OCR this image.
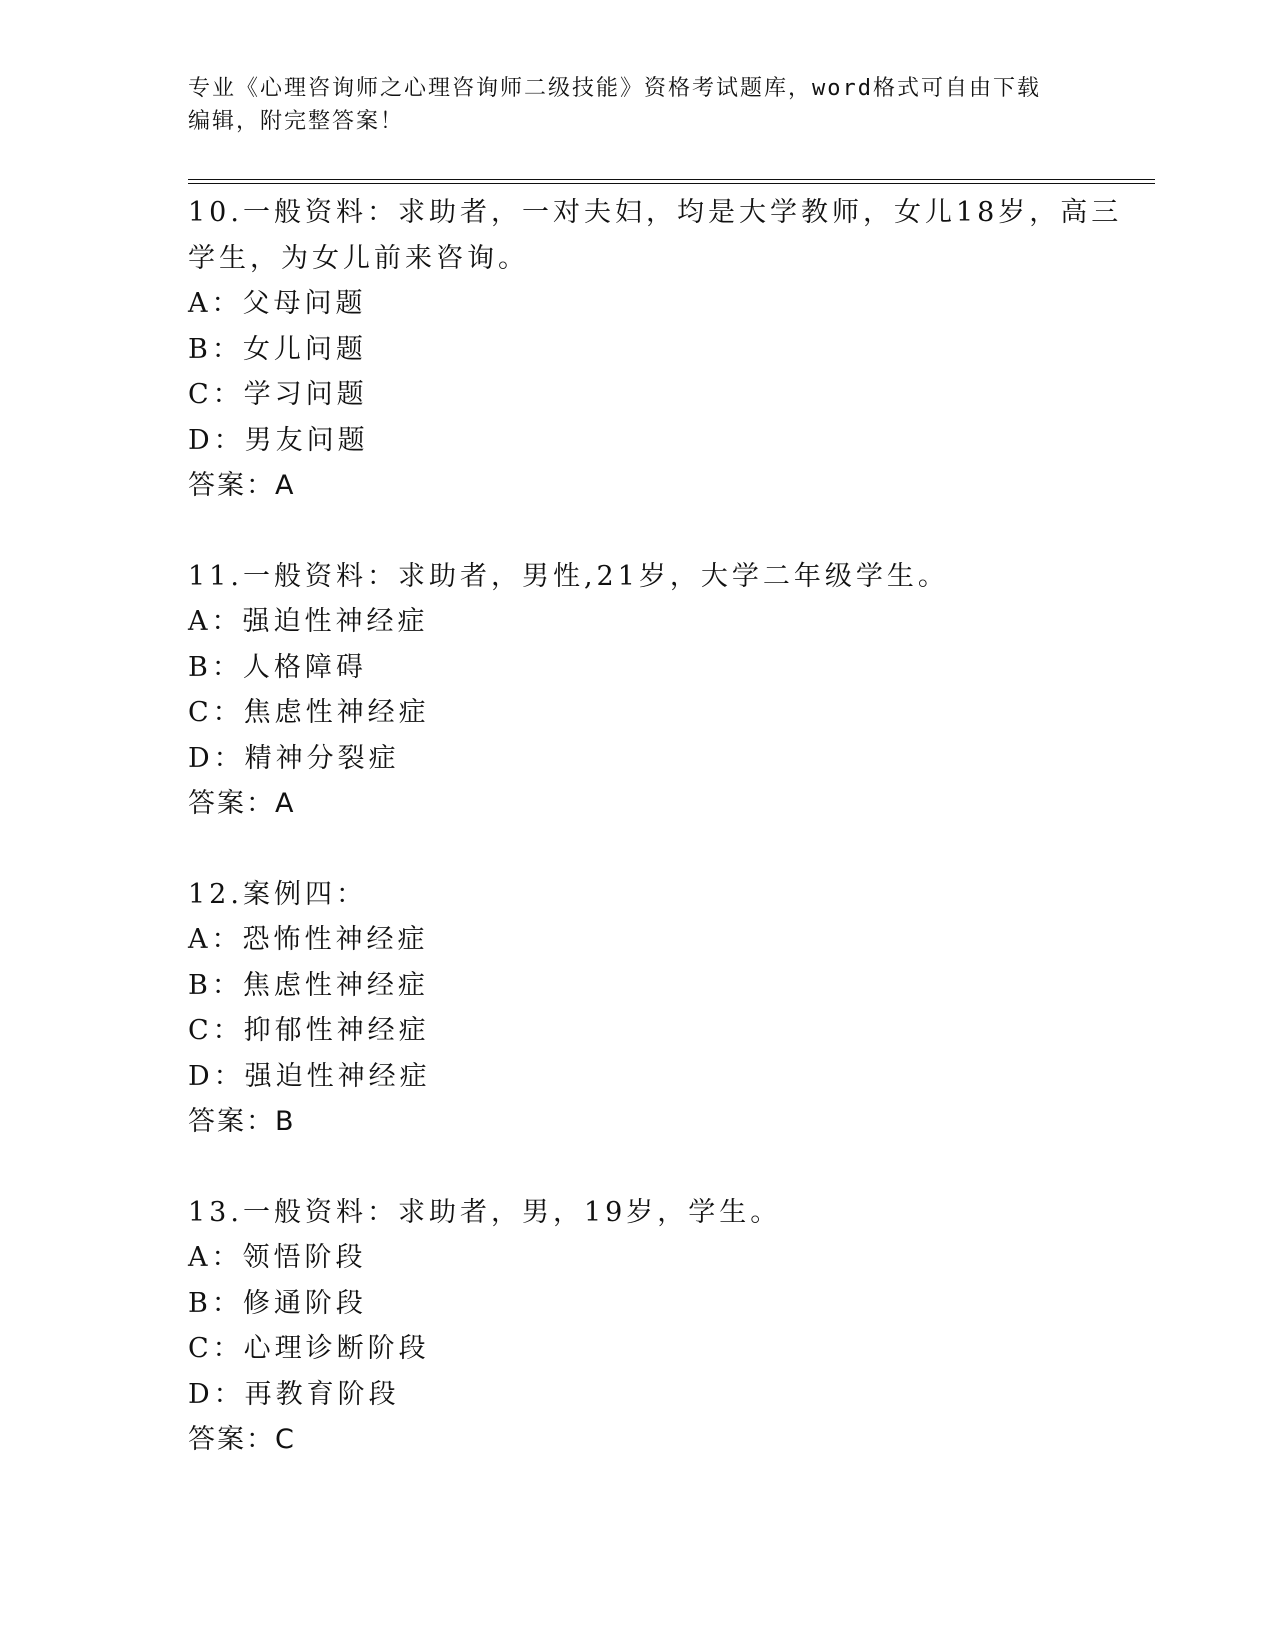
专业《心理咨询师之心理咨询师二级技能》资格考试题库，word格式可自由下载
编辑，附完整答案！
10.一般资料：求助者，一对夫妇，均是大学教师，女儿18岁，高三
学生，为女儿前来咨询。
A：父母问题
B：女儿问题
C：学习问题
D：男友问题
答案：A
11.一般资料：求助者，男性,21岁，大学二年级学生。
A：强迫性神经症
B：人格障碍
C：焦虑性神经症
D：精神分裂症
答案：A
12.案例四：
A：恐怖性神经症
B：焦虑性神经症
C：抑郁性神经症
D：强迫性神经症
答案：B
13.一般资料：求助者，男，19岁，学生。
A：领悟阶段
B：修通阶段
C：心理诊断阶段
D：再教育阶段
答案：C
